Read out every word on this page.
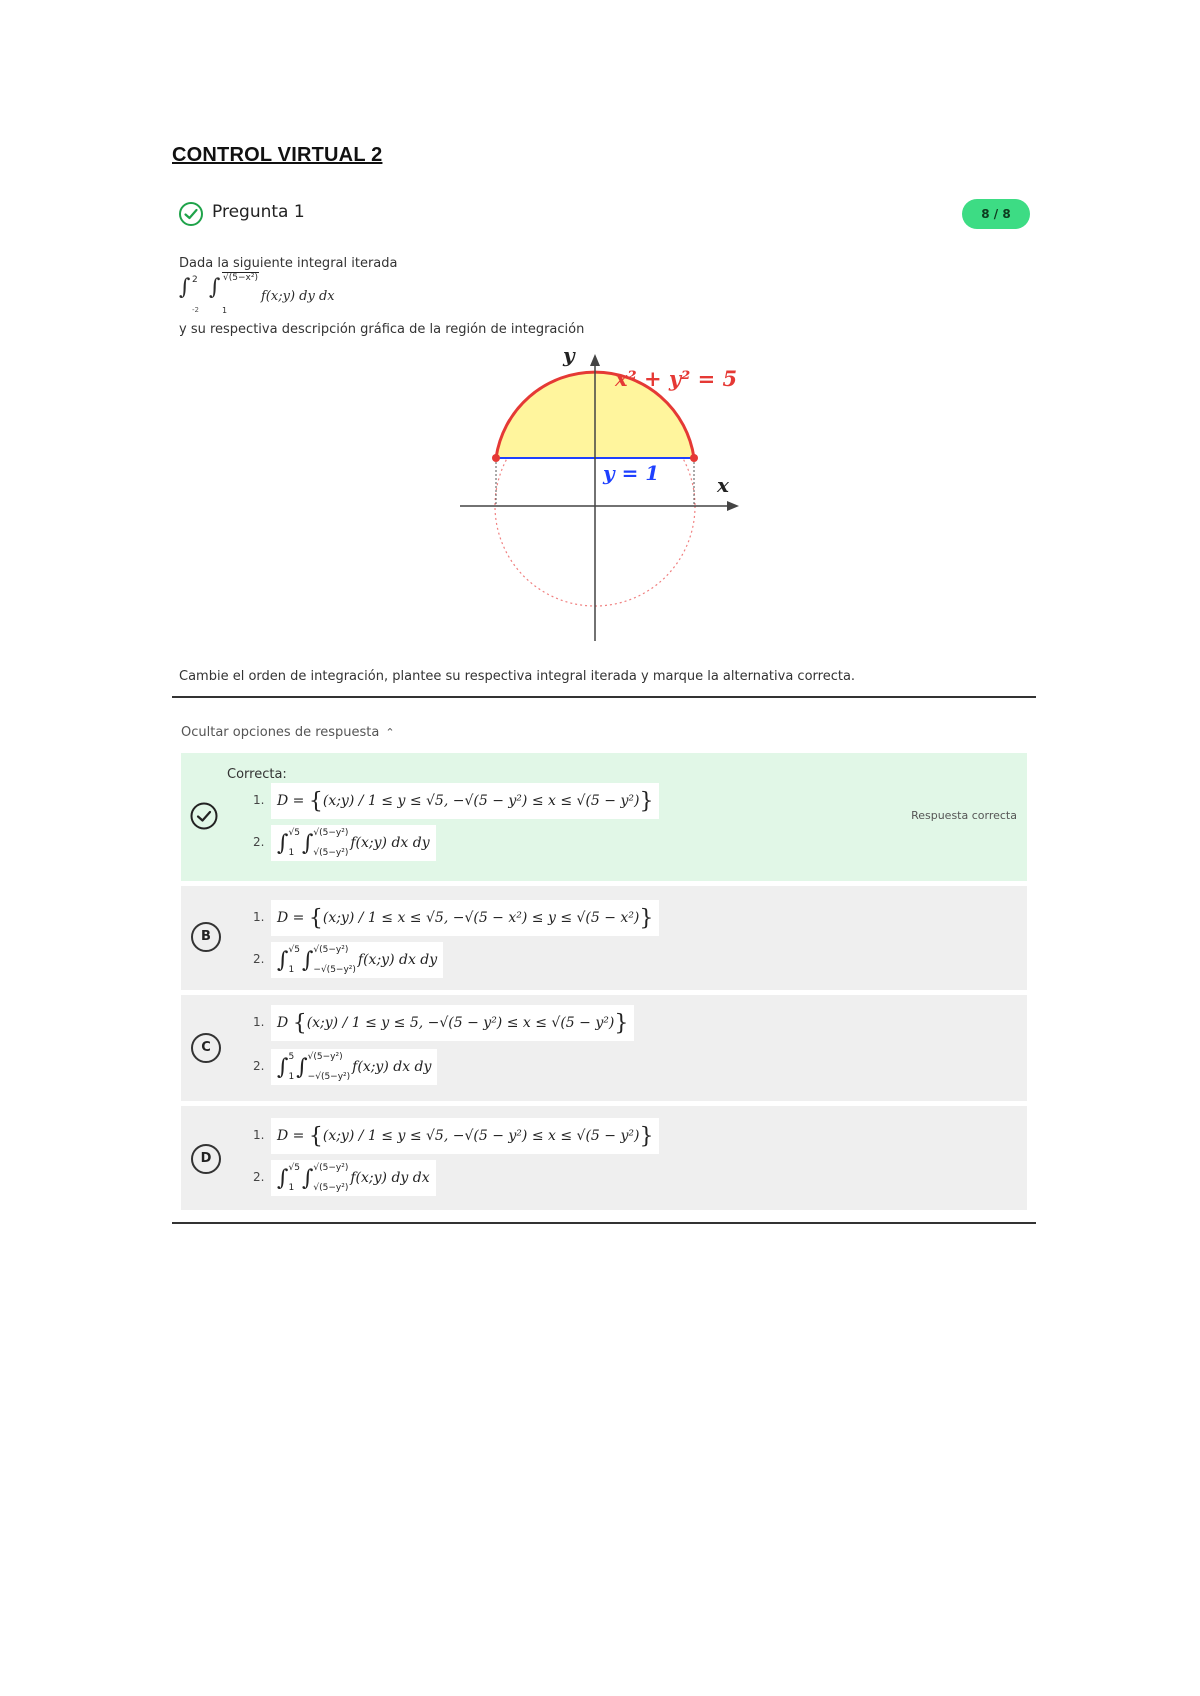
CONTROL VIRTUAL 2
Pregunta 1	8 / 8
Dada la siguiente integral iterada
∫ 2
-2
∫ √(5−x²)
1
f(x;y) dy dx
y su respectiva descripción gráfica de la región de integración
y
x
x² + y² = 5
y = 1
Cambie el orden de integración, plantee su respectiva integral iterada y marque la alternativa correcta.
Ocultar opciones de respuesta ⌃
Correcta:
Respuesta correcta
1. D =
{ (x;y) / 1 ≤ y ≤ √5, −√(5 − y²) ≤ x ≤ √(5 − y²) }
2. ∫ √5
1 ∫ √(5−y²)
√(5−y²)
f(x;y) dx dy
B
1. D =
{ (x;y) / 1 ≤ x ≤ √5, −√(5 − x²) ≤ y ≤ √(5 − x²) }
2. ∫ √5
1 ∫ √(5−y²)
−√(5−y²)
f(x;y) dx dy
C
1. D
{ (x;y) / 1 ≤ y ≤ 5, −√(5 − y²) ≤ x ≤ √(5 − y²) }
2. ∫ 5
1 ∫ √(5−y²)
−√(5−y²)
f(x;y) dx dy
D
1. D =
{ (x;y) / 1 ≤ y ≤ √5, −√(5 − y²) ≤ x ≤ √(5 − y²) }
2. ∫ √5
1 ∫ √(5−y²)
√(5−y²)
f(x;y) dy dx
